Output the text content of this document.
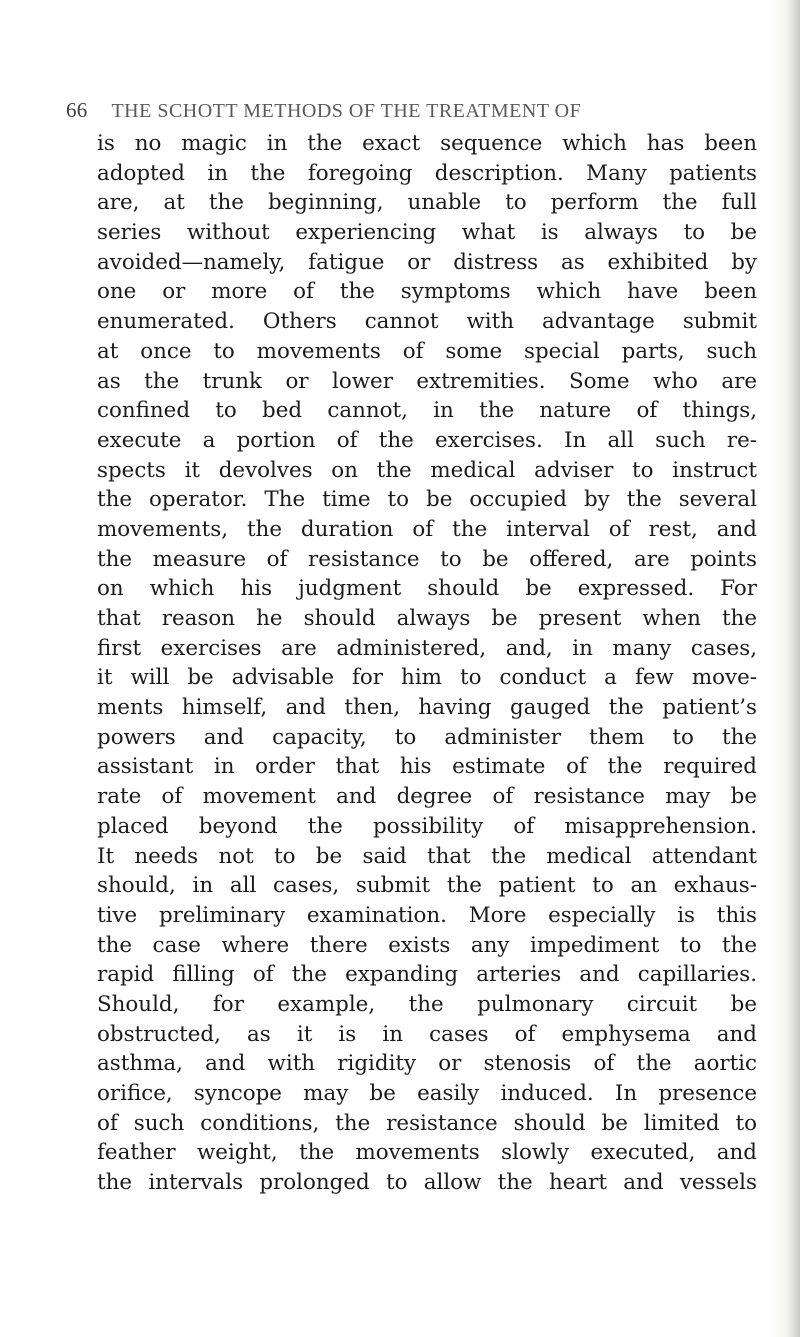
66 THE SCHOTT METHODS OF THE TREATMENT OF
is no magic in the exact sequence which has been
adopted in the foregoing description. Many patients
are, at the beginning, unable to perform the full
series without experiencing what is always to be
avoided—namely, fatigue or distress as exhibited by
one or more of the symptoms which have been
enumerated. Others cannot with advantage submit
at once to movements of some special parts, such
as the trunk or lower extremities. Some who are
confined to bed cannot, in the nature of things,
execute a portion of the exercises. In all such re-
spects it devolves on the medical adviser to instruct
the operator. The time to be occupied by the several
movements, the duration of the interval of rest, and
the measure of resistance to be offered, are points
on which his judgment should be expressed. For
that reason he should always be present when the
first exercises are administered, and, in many cases,
it will be advisable for him to conduct a few move-
ments himself, and then, having gauged the patient’s
powers and capacity, to administer them to the
assistant in order that his estimate of the required
rate of movement and degree of resistance may be
placed beyond the possibility of misapprehension.
It needs not to be said that the medical attendant
should, in all cases, submit the patient to an exhaus-
tive preliminary examination. More especially is this
the case where there exists any impediment to the
rapid filling of the expanding arteries and capillaries.
Should, for example, the pulmonary circuit be
obstructed, as it is in cases of emphysema and
asthma, and with rigidity or stenosis of the aortic
orifice, syncope may be easily induced. In presence
of such conditions, the resistance should be limited to
feather weight, the movements slowly executed, and
the intervals prolonged to allow the heart and vessels
